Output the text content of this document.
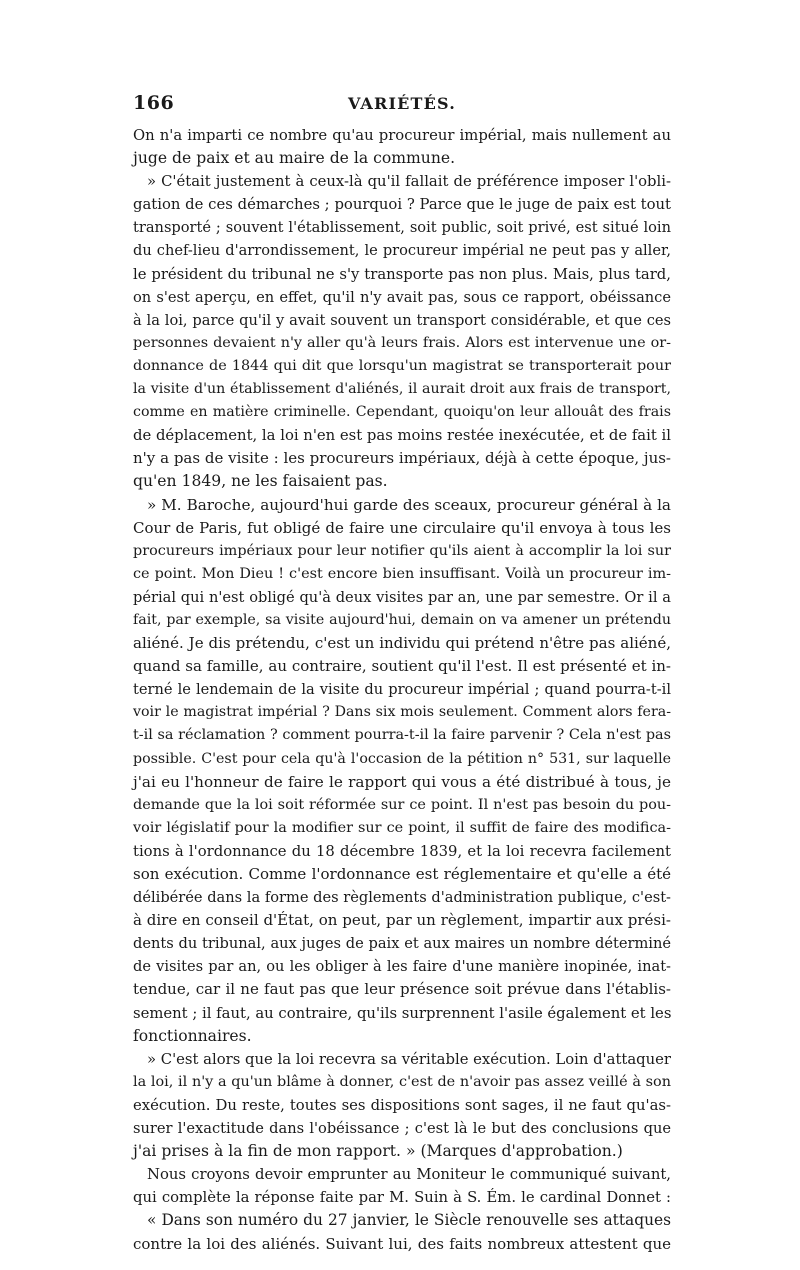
166	VARIÉTÉS.
On n'a imparti ce nombre qu'au procureur impérial, mais nullement au
juge de paix et au maire de la commune.
» C'était justement à ceux-là qu'il fallait de préférence imposer l'obli-
gation de ces démarches ; pourquoi ? Parce que le juge de paix est tout
transporté ; souvent l'établissement, soit public, soit privé, est situé loin
du chef-lieu d'arrondissement, le procureur impérial ne peut pas y aller,
le président du tribunal ne s'y transporte pas non plus. Mais, plus tard,
on s'est aperçu, en effet, qu'il n'y avait pas, sous ce rapport, obéissance
à la loi, parce qu'il y avait souvent un transport considérable, et que ces
personnes devaient n'y aller qu'à leurs frais. Alors est intervenue une or-
donnance de 1844 qui dit que lorsqu'un magistrat se transporterait pour
la visite d'un établissement d'aliénés, il aurait droit aux frais de transport,
comme en matière criminelle. Cependant, quoiqu'on leur allouât des frais
de déplacement, la loi n'en est pas moins restée inexécutée, et de fait il
n'y a pas de visite : les procureurs impériaux, déjà à cette époque, jus-
qu'en 1849, ne les faisaient pas.
» M. Baroche, aujourd'hui garde des sceaux, procureur général à la
Cour de Paris, fut obligé de faire une circulaire qu'il envoya à tous les
procureurs impériaux pour leur notifier qu'ils aient à accomplir la loi sur
ce point. Mon Dieu ! c'est encore bien insuffisant. Voilà un procureur im-
périal qui n'est obligé qu'à deux visites par an, une par semestre. Or il a
fait, par exemple, sa visite aujourd'hui, demain on va amener un prétendu
aliéné. Je dis prétendu, c'est un individu qui prétend n'être pas aliéné,
quand sa famille, au contraire, soutient qu'il l'est. Il est présenté et in-
terné le lendemain de la visite du procureur impérial ; quand pourra-t-il
voir le magistrat impérial ? Dans six mois seulement. Comment alors fera-
t-il sa réclamation ? comment pourra-t-il la faire parvenir ? Cela n'est pas
possible. C'est pour cela qu'à l'occasion de la pétition n° 531, sur laquelle
j'ai eu l'honneur de faire le rapport qui vous a été distribué à tous, je
demande que la loi soit réformée sur ce point. Il n'est pas besoin du pou-
voir législatif pour la modifier sur ce point, il suffit de faire des modifica-
tions à l'ordonnance du 18 décembre 1839, et la loi recevra facilement
son exécution. Comme l'ordonnance est réglementaire et qu'elle a été
délibérée dans la forme des règlements d'administration publique, c'est-
à dire en conseil d'État, on peut, par un règlement, impartir aux prési-
dents du tribunal, aux juges de paix et aux maires un nombre déterminé
de visites par an, ou les obliger à les faire d'une manière inopinée, inat-
tendue, car il ne faut pas que leur présence soit prévue dans l'établis-
sement ; il faut, au contraire, qu'ils surprennent l'asile également et les
fonctionnaires.
» C'est alors que la loi recevra sa véritable exécution. Loin d'attaquer
la loi, il n'y a qu'un blâme à donner, c'est de n'avoir pas assez veillé à son
exécution. Du reste, toutes ses dispositions sont sages, il ne faut qu'as-
surer l'exactitude dans l'obéissance ; c'est là le but des conclusions que
j'ai prises à la fin de mon rapport. » (Marques d'approbation.)
Nous croyons devoir emprunter au Moniteur le communiqué suivant,
qui complète la réponse faite par M. Suin à S. Ém. le cardinal Donnet :
« Dans son numéro du 27 janvier, le Siècle renouvelle ses attaques
contre la loi des aliénés. Suivant lui, des faits nombreux attestent que
